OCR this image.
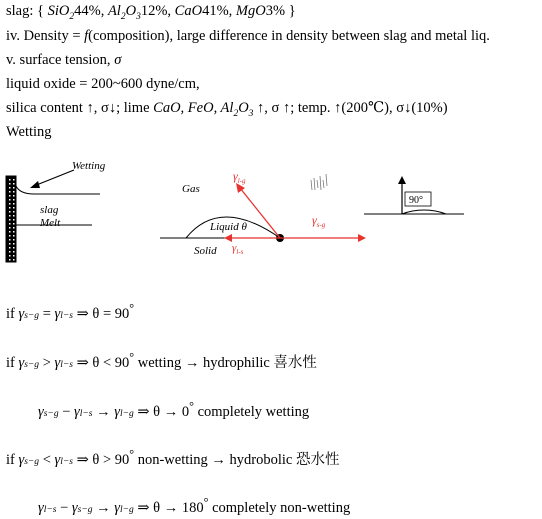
slag: { SiO$_2$44%, $Al_2O_312\%$, CaO41%, MgO3% }
iv. Density = f(composition), large difference in density between slag and metal liq.
v. surface tension, σ
liquid oxide = 200~600 dyne/cm,
silica content ↑, σ↓; lime CaO, FeO, $Al_2O_3$ ↑, σ ↑; temp. ↑(200℃), σ↓(10%)
Wetting
Wetting
slag
Melt
Gas
Liquid θ
Solid
$\gamma_{l-g}$
$\gamma_{s-g}$
$\gamma_{l-s}$
90°
if γs−g = γl−s ⇒ θ = 90°
if γs−g > γl−s ⇒ θ < 90° wetting → hydrophilic 喜水性
γs−g − γl−s → γl−g ⇒ θ → 0° completely wetting
if γs−g < γl−s ⇒ θ > 90° non-wetting → hydrobolic 恐水性
γl−s − γs−g → γl−g ⇒ θ → 180° completely non-wetting
